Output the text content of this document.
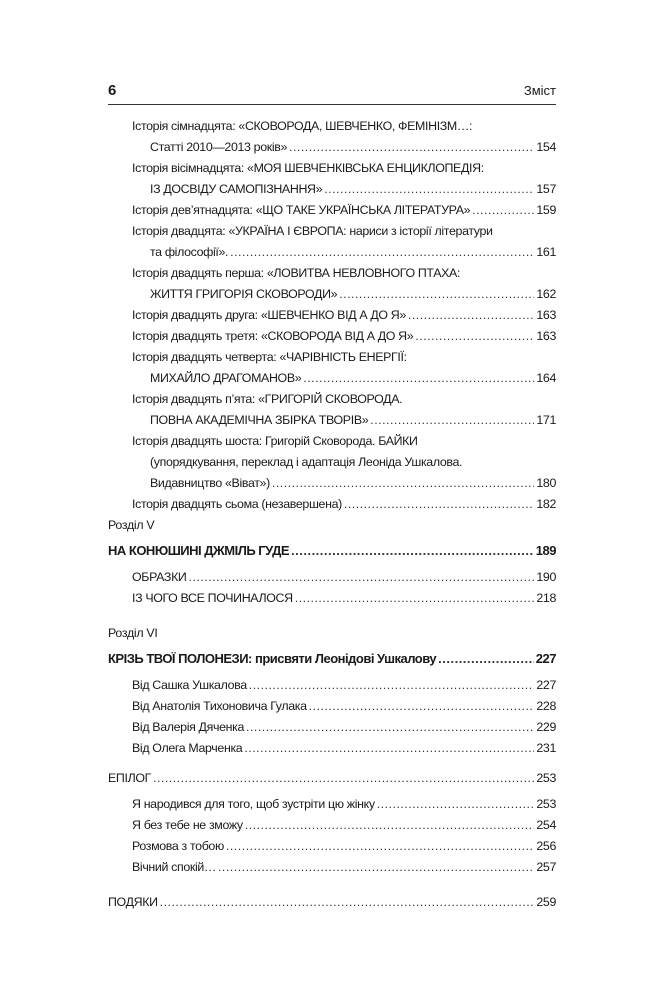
6	Зміст
Історія сімнадцята: «СКОВОРОДА, ШЕВЧЕНКО, ФЕМІНІЗМ…:
Статті 2010—2013 років» .....	154
Історія вісімнадцята: «МОЯ ШЕВЧЕНКІВСЬКА ЕНЦИКЛОПЕДІЯ:
ІЗ ДОСВІДУ САМОПІЗНАННЯ» .....	157
Історія дев’ятнадцята: «ЩО ТАКЕ УКРАЇНСЬКА ЛІТЕРАТУРА» .....	159
Історія двадцята: «УКРАЇНА І ЄВРОПА: нариси з історії літератури
та філософії». .....	161
Історія двадцять перша: «ЛОВИТВА НЕВЛОВНОГО ПТАХА:
ЖИТТЯ ГРИГОРІЯ СКОВОРОДИ» .....	162
Історія двадцять друга: «ШЕВЧЕНКО ВІД А ДО Я» .....	163
Історія двадцять третя: «СКОВОРОДА ВІД А ДО Я» .....	163
Історія двадцять четверта: «ЧАРІВНІСТЬ ЕНЕРГІЇ:
МИХАЙЛО ДРАГОМАНОВ» .....	164
Історія двадцять п’ята: «ГРИГОРІЙ СКОВОРОДА.
ПОВНА АКАДЕМІЧНА ЗБІРКА ТВОРІВ» .....	171
Історія двадцять шоста: Григорій Сковорода. БАЙКИ
(упорядкування, переклад і адаптація Леоніда Ушкалова.
Видавництво «Віват») .....	180
Історія двадцять сьома (незавершена) .....	182
Розділ V
НА КОНЮШИНІ ДЖМІЛЬ ГУДЕ .....	189
ОБРАЗКИ .....	190
ІЗ ЧОГО ВСЕ ПОЧИНАЛОСЯ .....	218
Розділ VI
КРІЗЬ ТВОЇ ПОЛОНЕЗИ: присвяти Леонідові Ушкалову .....	227
Від Сашка Ушкалова .....	227
Від Анатолія Тихоновича Гулака .....	228
Від Валерія Дяченка .....	229
Від Олега Марченка .....	231
ЕПІЛОГ .....	253
Я народився для того, щоб зустріти цю жінку .....	253
Я без тебе не зможу .....	254
Розмова з тобою .....	256
Вічний спокій… .....	257
ПОДЯКИ .....	259
